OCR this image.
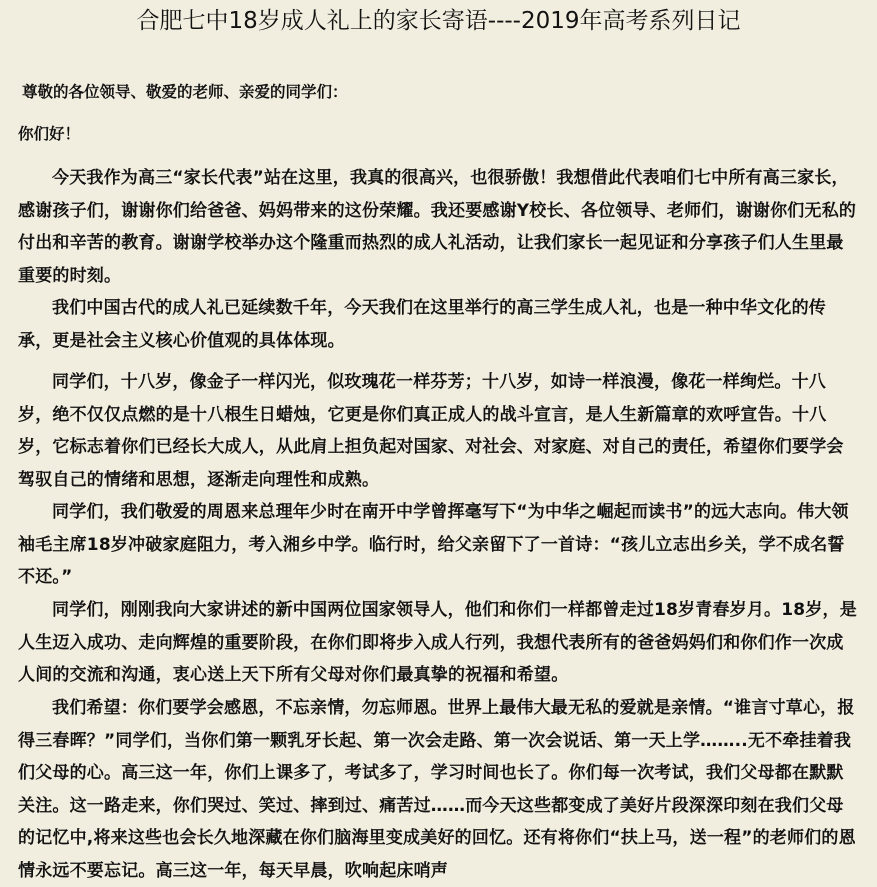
合肥七中18岁成人礼上的家长寄语----2019年高考系列日记

尊敬的各位领导、敬爱的老师、亲爱的同学们：

你们好！

今天我作为高三“家长代表”站在这里，我真的很高兴，也很骄傲！我想借此代表咱们七中所有高三家长，感谢孩子们，谢谢你们给爸爸、妈妈带来的这份荣耀。我还要感谢Y校长、各位领导、老师们，谢谢你们无私的付出和辛苦的教育。谢谢学校举办这个隆重而热烈的成人礼活动，让我们家长一起见证和分享孩子们人生里最重要的时刻。

我们中国古代的成人礼已延续数千年，今天我们在这里举行的高三学生成人礼，也是一种中华文化的传承，更是社会主义核心价值观的具体体现。

同学们，十八岁，像金子一样闪光，似玫瑰花一样芬芳；十八岁，如诗一样浪漫，像花一样绚烂。十八岁，绝不仅仅点燃的是十八根生日蜡烛，它更是你们真正成人的战斗宣言，是人生新篇章的欢呼宣告。十八岁，它标志着你们已经长大成人，从此肩上担负起对国家、对社会、对家庭、对自己的责任，希望你们要学会驾驭自己的情绪和思想，逐渐走向理性和成熟。

同学们，我们敬爱的周恩来总理年少时在南开中学曾挥毫写下“为中华之崛起而读书”的远大志向。伟大领袖毛主席18岁冲破家庭阻力，考入湘乡中学。临行时，给父亲留下了一首诗：“孩儿立志出乡关，学不成名誓不还。”

同学们，刚刚我向大家讲述的新中国两位国家领导人，他们和你们一样都曾走过18岁青春岁月。18岁，是人生迈入成功、走向辉煌的重要阶段，在你们即将步入成人行列，我想代表所有的爸爸妈妈们和你们作一次成人间的交流和沟通，衷心送上天下所有父母对你们最真挚的祝福和希望。

我们希望：你们要学会感恩，不忘亲情，勿忘师恩。世界上最伟大最无私的爱就是亲情。“谁言寸草心，报得三春晖？”同学们，当你们第一颗乳牙长起、第一次会走路、第一次会说话、第一天上学……..无不牵挂着我们父母的心。高三这一年，你们上课多了，考试多了，学习时间也长了。你们每一次考试，我们父母都在默默关注。这一路走来，你们哭过、笑过、摔到过、痛苦过……而今天这些都变成了美好片段深深印刻在我们父母的记忆中,将来这些也会长久地深藏在你们脑海里变成美好的回忆。还有将你们“扶上马，送一程”的老师们的恩情永远不要忘记。高三这一年，每天早晨，吹响起床哨声
